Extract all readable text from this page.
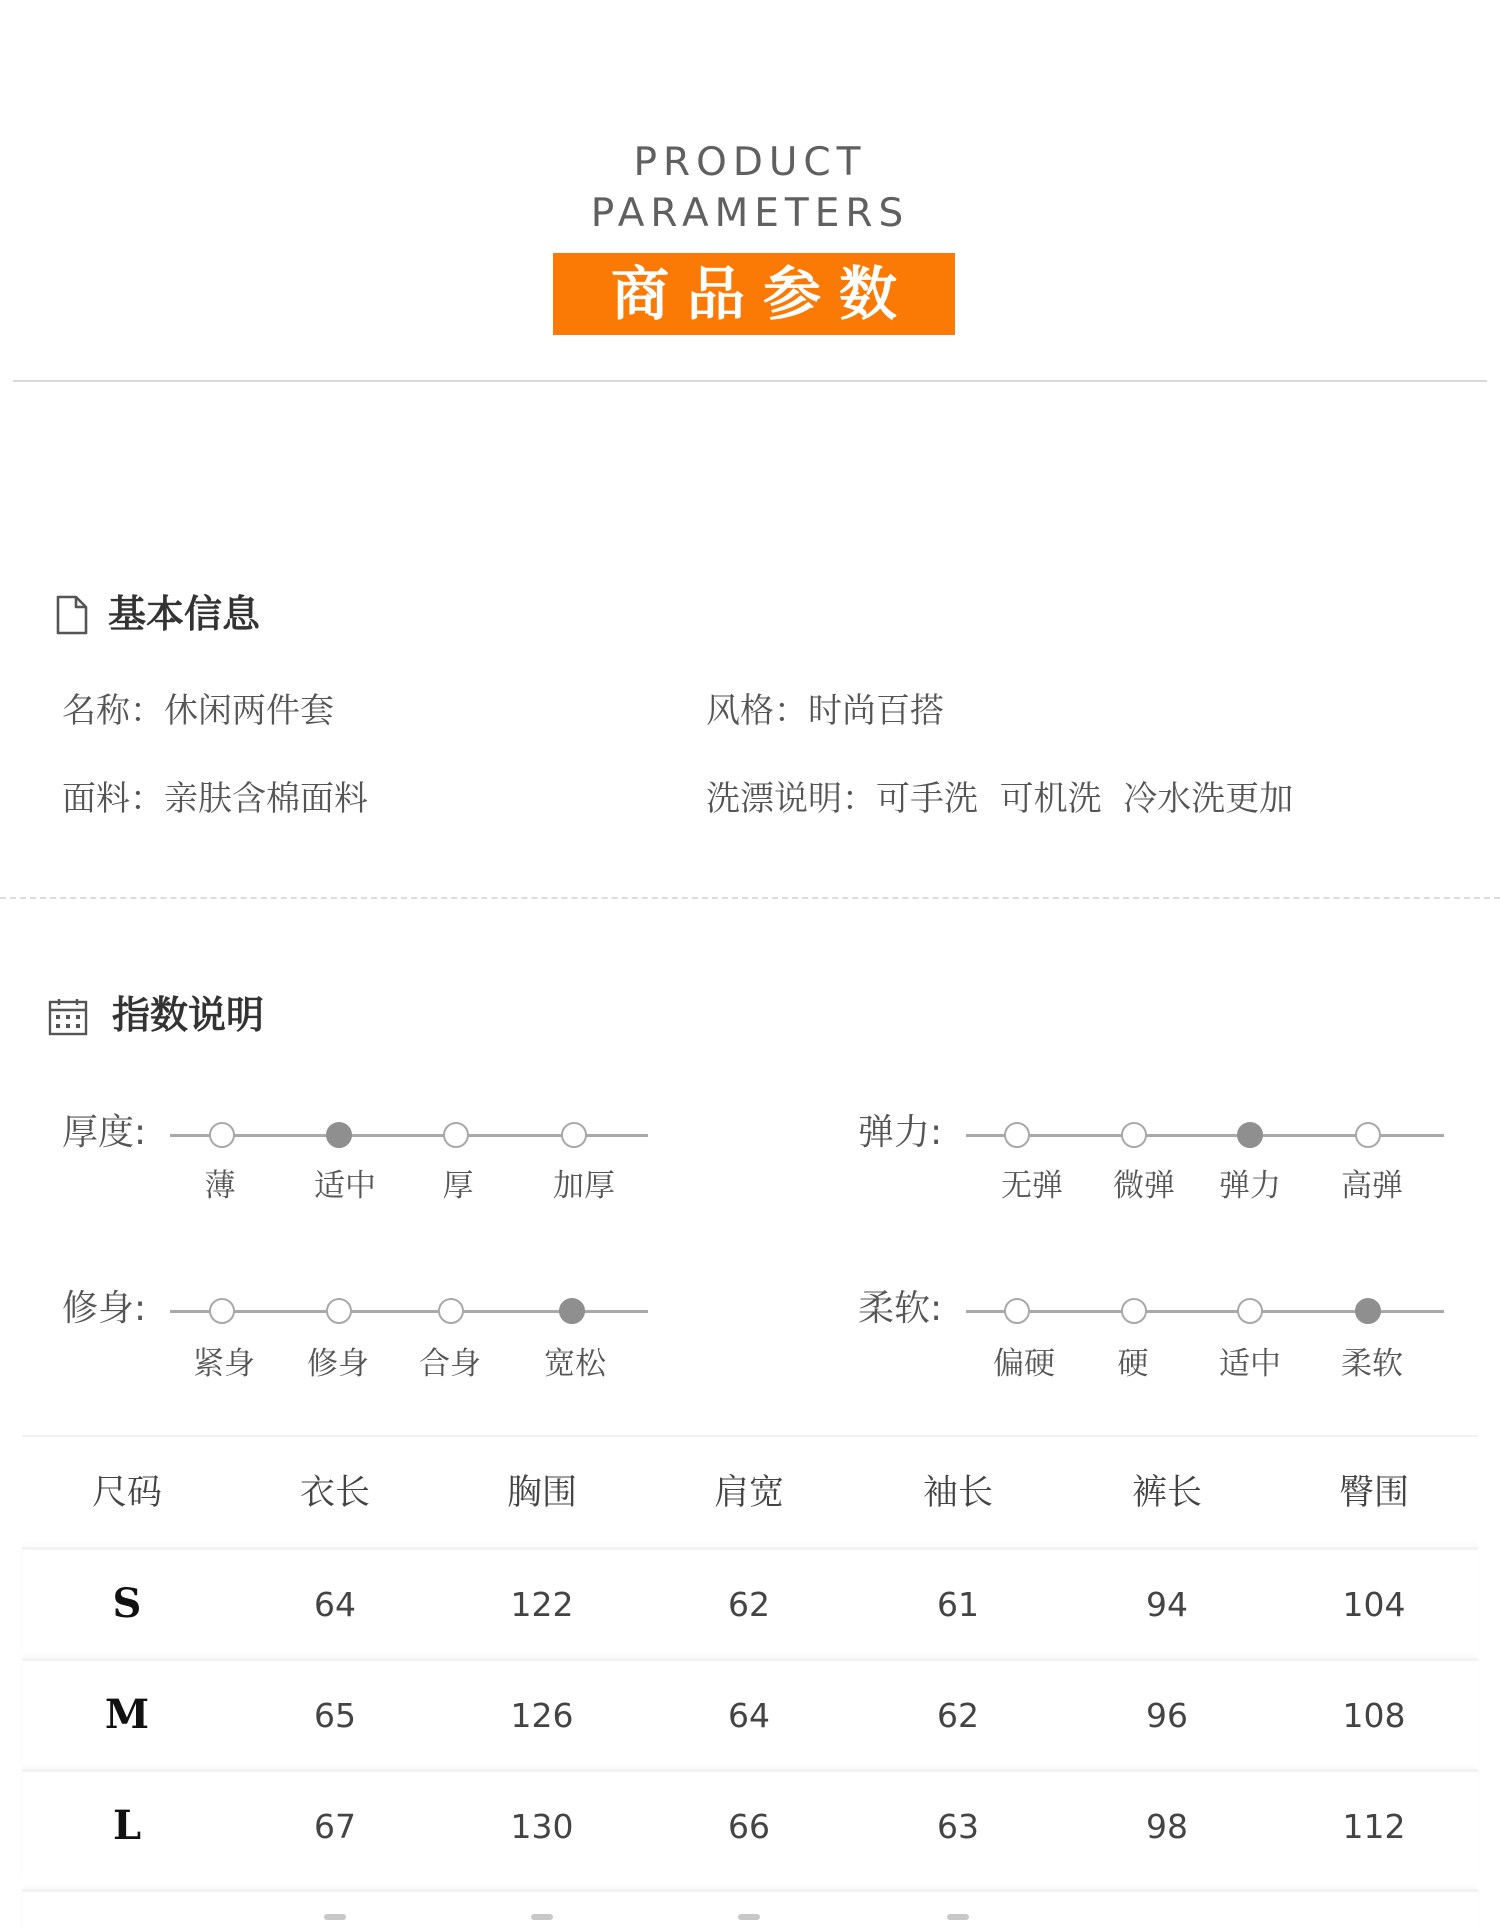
PRODUCT
PARAMETERS
商品参数
基本信息
名称：休闲两件套	风格：时尚百搭
面料：亲肤含棉面料	洗漂说明：可手洗  可机洗  冷水洗更加
指数说明
厚度:
薄	适中	厚	加厚
弹力:
无弹	微弹	弹力	高弹
修身:
紧身	修身	合身	宽松
柔软:
偏硬	硬	适中	柔软
尺码	衣长	胸围	肩宽	袖长	裤长	臀围
S	64	122	62	61	94	104
M	65	126	64	62	96	108
L	67	130	66	63	98	112
